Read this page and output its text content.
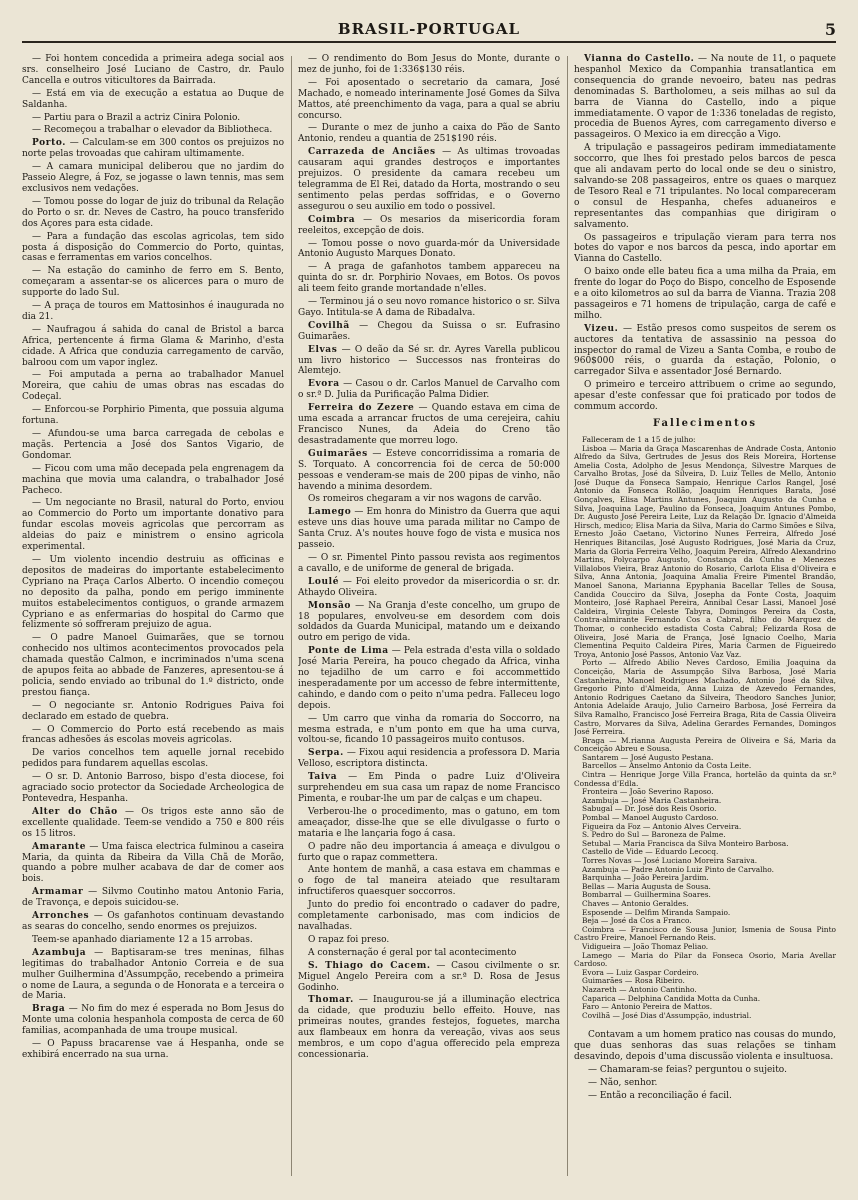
BRASIL-PORTUGAL	5

— Foi hontem concedida a primeira adega social aos srs. conselheiro José Luciano de Castro, dr. Paulo Cancella e outros viticultores da Bairrada.

— Está em via de execução a estatua ao Duque de Saldanha.

— Partiu para o Brazil a actriz Cinira Polonio.

— Recomeçou a trabalhar o elevador da Bibliotheca.

Porto. — Calculam-se em 300 contos os prejuizos no norte pelas trovoadas que cahiram ultimamente.

— A camara municipal deliberou que no jardim do Passeio Alegre, á Foz, se jogasse o lawn tennis, mas sem exclusivos nem vedações.

— Tomou posse do logar de juiz do tribunal da Relação do Porto o sr. dr. Neves de Castro, ha pouco transferido dos Açores para esta cidade.

— Para a fundação das escolas agricolas, tem sido posta á disposição do Commercio do Porto, quintas, casas e ferramentas em varios concelhos.

— Na estação do caminho de ferro em S. Bento, começaram a assentar-se os alicerces para o muro de supporte do lado Sul.

— A praça de touros em Mattosinhos é inaugurada no dia 21.

— Naufragou á sahida do canal de Bristol a barca Africa, pertencente á firma Glama & Marinho, d'esta cidade. A Africa que conduzia carregamento de carvão, balroou com um vapor inglez.

— Foi amputada a perna ao trabalhador Manuel Moreira, que cahiu de umas obras nas escadas do Codeçal.

— Enforcou-se Porphirio Pimenta, que possuia alguma fortuna.

— Afundou-se uma barca carregada de cebolas e maçãs. Pertencia a José dos Santos Vigario, de Gondomar.

— Ficou com uma mão decepada pela engrenagem da machina que movia uma calandra, o trabalhador José Pacheco.

— Um negociante no Brasil, natural do Porto, enviou ao Commercio do Porto um importante donativo para fundar escolas moveis agricolas que percorram as aldeias do paiz e ministrem o ensino agricola experimental.

— Um violento incendio destruiu as officinas e depositos de madeiras do importante estabelecimento Cypriano na Praça Carlos Alberto. O incendio começou no deposito da palha, pondo em perigo imminente muitos estabelecimentos contiguos, o grande armazem Cypriano e as enfermarias do hospital do Carmo que felizmente só soffreram prejuizo de agua.

— O padre Manoel Guimarães, que se tornou conhecido nos ultimos acontecimentos provocados pela chamada questão Calmon, e incriminados n'uma scena de apupos feita ao abbade de Fanzeres, apresentou-se á policia, sendo enviado ao tribunal do 1.º districto, onde prestou fiança.

— O negociante sr. Antonio Rodrigues Paiva foi declarado em estado de quebra.

— O Commercio do Porto está recebendo as mais francas adhesões ás escolas moveis agricolas.

De varios concelhos tem aquelle jornal recebido pedidos para fundarem aquellas escolas.

— O sr. D. Antonio Barroso, bispo d'esta diocese, foi agraciado socio protector da Sociedade Archeologica de Pontevedra, Hespanha.

Alter do Chão — Os trigos este anno são de excellente qualidade. Teem-se vendido a 750 e 800 réis os 15 litros.

Amarante — Uma faisca electrica fulminou a caseira Maria, da quinta da Ribeira da Villa Chã de Morão, quando a pobre mulher acabava de dar de comer aos bois.

Armamar — Silvmo Coutinho matou Antonio Faria, de Travonça, e depois suicidou-se.

Arronches — Os gafanhotos continuam devastando as searas do concelho, sendo enormes os prejuizos.

Teem-se apanhado diariamente 12 a 15 arrobas.

Azambuja — Baptisaram-se tres meninas, filhas legitimas do trabalhador Antonio Correia e de sua mulher Guilhermina d'Assumpção, recebendo a primeira o nome de Laura, a segunda o de Honorata e a terceira o de Maria.

Braga — No fim do mez é esperada no Bom Jesus do Monte uma colonia hespanhola composta de cerca de 60 familias, acompanhada de uma troupe musical.

— O Papuss bracarense vae á Hespanha, onde se exhibirá encerrado na sua urna.

— O rendimento do Bom Jesus do Monte, durante o mez de junho, foi de 1:336$130 réis.

— Foi aposentado o secretario da camara, José Machado, e nomeado interinamente José Gomes da Silva Mattos, até preenchimento da vaga, para a qual se abriu concurso.

— Durante o mez de junho a caixa do Pão de Santo Antonio, rendeu a quantia de 251$190 réis.

Carrazeda de Anciães — As ultimas trovoadas causaram aqui grandes destroços e importantes prejuizos. O presidente da camara recebeu um telegramma de El Rei, datado da Horta, mostrando o seu sentimento pelas perdas soffridas, e o Governo assegurou o seu auxilio em todo o possivel.

Coimbra — Os mesarios da misericordia foram reeleitos, excepção de dois.

— Tomou posse o novo guarda-mór da Universidade Antonio Augusto Marques Donato.

— A praga de gafanhotos tambem appareceu na quinta do sr. dr. Porphirio Novaes, em Botos. Os povos ali teem feito grande mortandade n'elles.

— Terminou já o seu novo romance historico o sr. Silva Gayo. Intitula-se A dama de Ribadalva.

Covilhã — Chegou da Suissa o sr. Eufrasino Guimarães.

Elvas — O deão da Sé sr. dr. Ayres Varella publicou um livro historico — Successos nas fronteiras do Alemtejo.

Evora — Casou o dr. Carlos Manuel de Carvalho com o sr.ª D. Julia da Purificação Palma Didier.

Ferreira do Zezere — Quando estava em cima de uma escada a arrancar fructos de uma cerejeira, cahiu Francisco Nunes, da Adeia do Creno tão desastradamente que morreu logo.

Guimarães — Esteve concorridissima a romaria de S. Torquato. A concorrencia foi de cerca de 50:000 pessoas e venderam-se mais de 200 pipas de vinho, não havendo a minima desordem.

Os romeiros chegaram a vir nos wagons de carvão.

Lamego — Em honra do Ministro da Guerra que aqui esteve uns dias houve uma parada militar no Campo de Santa Cruz. A's noutes houve fogo de vista e musica nos passeio.

— O sr. Pimentel Pinto passou revista aos regimentos a cavallo, e de uniforme de general de brigada.

Loulé — Foi eleito provedor da misericordia o sr. dr. Athaydo Oliveira.

Monsão — Na Granja d'este concelho, um grupo de 18 populares, envolveu-se em desordem com dois soldados da Guarda Municipal, matando um e deixando outro em perigo de vida.

Ponte de Lima — Pela estrada d'esta villa o soldado José Maria Pereira, ha pouco chegado da Africa, vinha no tejadilho de um carro e foi accommettido inesperadamente por um accesso de febre intermittente, cahindo, e dando com o peito n'uma pedra. Falleceu logo depois.

— Um carro que vinha da romaria do Soccorro, na mesma estrada, e n'um ponto em que ha uma curva, voltou-se, ficando 10 passageiros muito contusos.

Serpa. — Fixou aqui residencia a professora D. Maria Velloso, escriptora distincta.

Taiva — Em Pinda o padre Luiz d'Oliveira surprehendeu em sua casa um rapaz de nome Francisco Pimenta, e roubar-lhe um par de calças e um chapeu.

Verberou-lhe o procedimento, mas o gatuno, em tom ameaçador, disse-lhe que se elle divulgasse o furto o mataria e lhe lançaria fogo á casa.

O padre não deu importancia á ameaça e divulgou o furto que o rapaz commettera.

Ante hontem de manhã, a casa estava em chammas e o fogo de tal maneira ateiado que resultaram infructiferos quaesquer soccorros.

Junto do predio foi encontrado o cadaver do padre, completamente carbonisado, mas com indicios de navalhadas.

O rapaz foi preso.

A consternação é geral por tal acontecimento

S. Thiago do Cacem. — Casou civilmente o sr. Miguel Angelo Pereira com a sr.ª D. Rosa de Jesus Godinho.

Thomar. — Inaugurou-se já a illuminação electrica da cidade, que produziu bello effeito. Houve, nas primeiras noutes, grandes festejos, foguetes, marcha aux flambeaux em honra da vereação, vivas aos seus membros, e um copo d'agua offerecido pela empreza concessionaria.

Vianna do Castello. — Na noute de 11, o paquete hespanhol Mexico da Companhia transatlantica em consequencia do grande nevoeiro, bateu nas pedras denominadas S. Bartholomeu, a seis milhas ao sul da barra de Vianna do Castello, indo a pique immediatamente. O vapor de 1:336 toneladas de registo, procedia de Buenos Ayres, com carregamento diverso e passageiros. O Mexico ia em direcção a Vigo.

A tripulação e passageiros pediram immediatamente soccorro, que lhes foi prestado pelos barcos de pesca que ali andavam perto do local onde se deu o sinistro, salvando-se 208 passageiros, entre os quaes o marquez de Tesoro Real e 71 tripulantes. No local compareceram o consul de Hespanha, chefes aduaneiros e representantes das companhias que dirigiram o salvamento.

Os passageiros e tripulação vieram para terra nos botes do vapor e nos barcos da pesca, indo aportar em Vianna do Castello.

O baixo onde elle bateu fica a uma milha da Praia, em frente do logar do Poço do Bispo, concelho de Esposende e a oito kilometros ao sul da barra de Vianna. Trazia 208 passageiros e 71 homens de tripulação, carga de café e milho.

Vizeu. — Estão presos como suspeitos de serem os auctores da tentativa de assassinio na pessoa do inspector do ramal de Vizeu a Santa Comba, e roubo de 960$000 réis, o guarda da estação, Polonio, o carregador Silva e assentador José Bernardo.

O primeiro e terceiro attribuem o crime ao segundo, apesar d'este confessar que foi praticado por todos de commum accordo.

Fallecimentos

Falleceram de 1 a 15 de julho:

Lisboa — Maria da Graça Mascarenhas de Andrade Costa, Antonio Alfredo da Silva, Gertrudes de Jesus dos Reis Moreira, Hortense Amelia Costa, Adolpho de Jesus Mendonça, Silvestre Marques de Carvalho Brotas, José da Silveira, D. Luiz Telles de Mello, Antonio José Duque da Fonseca Sampaio, Henrique Carlos Rangel, José Antonio da Fonseca Rollão, Joaquim Henriques Barata, José Gonçalves, Elisa Martins Antunes, Joaquim Augusto da Cunha e Silva, Joaquina Lage, Paulino da Fonseca, Joaquim Antunes Pombo, Dr. Augusto José Pereira Leite, Luz da Relação Dr. Ignacio d'Almeida Hirsch, medico; Elisa Maria da Silva, Maria do Carmo Simões e Silva, Ernesto João Caetano, Victorino Nunes Ferreira, Alfredo José Henriques Bitancilas, José Augusto Rodrigues, José Maria da Cruz, Maria da Gloria Ferreira Velho, Joaquim Pereira, Alfredo Alexandrino Martins, Polycarpo Augusto, Constança da Cunha e Menezes Villalobos Vieira, Braz Antonio do Rosario, Carlota Elisa d'Oliveira e Silva, Anna Antonia, Joaquina Amalia Freire Pimentel Brandão, Manoel Sanona, Marianna Epyphania Bacellar Telles de Sousa, Candida Coucciro da Silva, Josepha da Fonte Costa, Joaquim Monteiro, José Raphael Pereira, Annibal Cesar Lassi, Manoel José Caldeira, Virginia Celeste Tabyra, Domingos Pereira da Costa, Contra-almirante Fernando Cos a Cabral, filho do Marquez de Thomar, o conhecido estadista Costa Cabral; Felizarda Rosa de Oliveira, José Maria de França, José Ignacio Coelho, Maria Clementina Pequito Caldeira Pires, Maria Carmen de Figueiredo Troya, Antonio José Passos, Antonio Vaz Vaz.

Porto — Alfredo Abilio Neves Cardoso, Emilia Joaquina da Conceição, Maria de Assumpção Silva Barbosa, José Maria Castanheira, Manoel Rodrigues Machado, Antonio José da Silva, Gregorio Pinto d'Almeida, Anna Luiza de Azevedo Fernandes, Antonio Rodrigues Caetano da Silveira, Theodoro Sanches Junior, Antonia Adelaide Araujo, Julio Carneiro Barbosa, José Ferreira da Silva Ramalho, Francisco José Ferreira Braga, Rita de Cassia Oliveira Castro, Morvares da Silva, Adelina Gerardes Fernandes, Domingos José Ferreira.

Braga — M.rianna Augusta Pereira de Oliveira e Sá, Maria da Conceição Abreu e Sousa.

Santarem — José Augusto Pestana.

Barcellos — Anselmo Antonio da Costa Leite.

Cintra — Henrique Jorge Villa Franca, hortelão da quinta da sr.ª Condessa d'Edla.

Fronteira — João Severino Raposo.

Azambuja — José Maria Castanheira.

Sabugal — Dr. José dos Reis Osorio.

Pombal — Manoel Augusto Cardoso.

Figueira da Foz — Antonio Alves Cerveira.

S. Pedro do Sul — Baroneza de Palme.

Setubal — Maria Francisca da Silva Monteiro Barbosa.

Castello de Vide — Eduardo Lecocq.

Torres Novas — José Luciano Moreira Saraiva.

Azambuja — Padre Antonio Luiz Pinto de Carvalho.

Barquinha — João Pereira Jardim.

Bellas — Maria Augusta de Sousa.

Bombarral — Guilhermina Soares.

Chaves — Antonio Geraldes.

Esposende — Delfim Miranda Sampaio.

Beja — José da Cos a Franco.

Coimbra — Francisco de Sousa Junior, Ismenia de Sousa Pinto Castro Freire, Manoel Fernando Reis.

Vidigueira — João Thomaz Peliao.

Lamego — Maria do Pilar da Fonseca Osorio, Maria Avellar Cardoso.

Evora — Luiz Gaspar Cordeiro.

Guimarães — Rosa Ribeiro.

Nazareth — Antonio Cantinho.

Caparica — Delphina Candida Motta da Cunha.

Faro — Antonio Pereira de Mattos.

Covilhã — José Dias d'Assumpção, industrial.

Contavam a um homem pratico nas cousas do mundo, que duas senhoras das suas relações se tinham desavindo, depois d'uma discussão violenta e insultuosa.

— Chamaram-se feias? perguntou o sujeito.

— Não, senhor.

— Então a reconciliação é facil.
